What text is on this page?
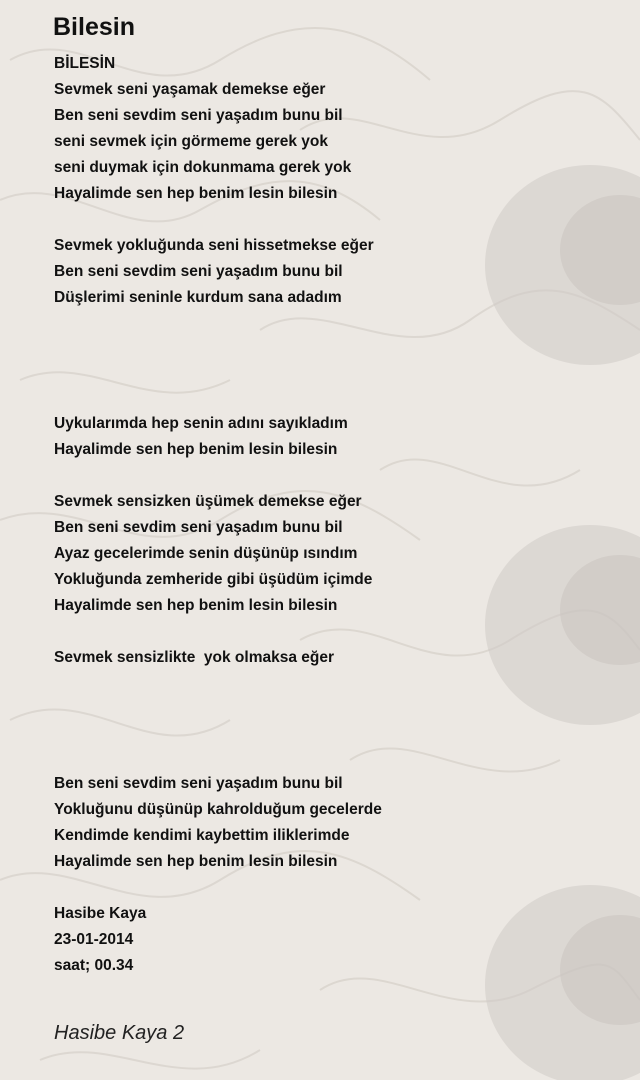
Bilesin
BİLESİN
Sevmek seni yaşamak demekse eğer
Ben seni sevdim seni yaşadım bunu bil
seni sevmek için görmeme gerek yok
seni duymak için dokunmama gerek yok
Hayalimde sen hep benim lesin bilesin
Sevmek yokluğunda seni hissetmekse eğer
Ben seni sevdim seni yaşadım bunu bil
Düşlerimi seninle kurdum sana adadım
Uykularımda hep senin adını sayıkladım
Hayalimde sen hep benim lesin bilesin
Sevmek sensizken üşümek demekse eğer
Ben seni sevdim seni yaşadım bunu bil
Ayaz gecelerimde senin düşünüp ısındım
Yokluğunda zemheride gibi üşüdüm içimde
Hayalimde sen hep benim lesin bilesin
Sevmek sensizlikte  yok olmaksa eğer
Ben seni sevdim seni yaşadım bunu bil
Yokluğunu düşünüp kahrolduğum gecelerde
Kendimde kendimi kaybettim iliklerimde
Hayalimde sen hep benim lesin bilesin
Hasibe Kaya
23-01-2014
saat; 00.34
Hasibe Kaya 2
